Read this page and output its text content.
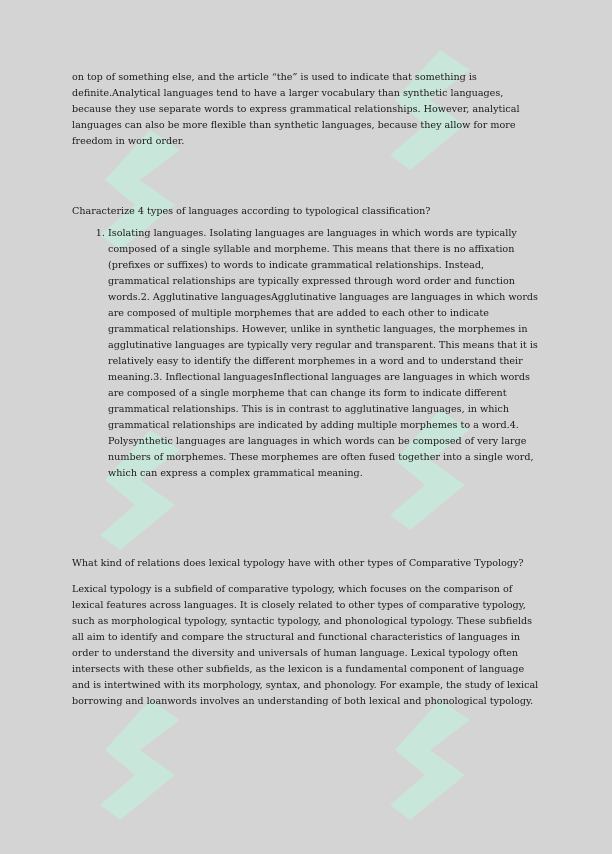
on top of something else, and the article “the” is used to indicate that something is definite.Analytical languages tend to have a larger vocabulary than synthetic languages, because they use separate words to express grammatical relationships. However, analytical languages can also be more flexible than synthetic languages, because they allow for more freedom in word order.

Characterize 4 types of languages according to typological classification?

1. Isolating languages. Isolating languages are languages in which words are typically composed of a single syllable and morpheme. This means that there is no affixation (prefixes or suffixes) to words to indicate grammatical relationships. Instead, grammatical relationships are typically expressed through word order and function words.2. Agglutinative languagesAgglutinative languages are languages in which words are composed of multiple morphemes that are added to each other to indicate grammatical relationships. However, unlike in synthetic languages, the morphemes in agglutinative languages are typically very regular and transparent. This means that it is relatively easy to identify the different morphemes in a word and to understand their meaning.3. Inflectional languagesInflectional languages are languages in which words are composed of a single morpheme that can change its form to indicate different grammatical relationships. This is in contrast to agglutinative languages, in which grammatical relationships are indicated by adding multiple morphemes to a word.4. Polysynthetic languages are languages in which words can be composed of very large numbers of morphemes. These morphemes are often fused together into a single word, which can express a complex grammatical meaning.

What kind of relations does lexical typology have with other types of Comparative Typology?

Lexical typology is a subfield of comparative typology, which focuses on the comparison of lexical features across languages. It is closely related to other types of comparative typology, such as morphological typology, syntactic typology, and phonological typology. These subfields all aim to identify and compare the structural and functional characteristics of languages in order to understand the diversity and universals of human language. Lexical typology often intersects with these other subfields, as the lexicon is a fundamental component of language and is intertwined with its morphology, syntax, and phonology. For example, the study of lexical borrowing and loanwords involves an understanding of both lexical and phonological typology.
